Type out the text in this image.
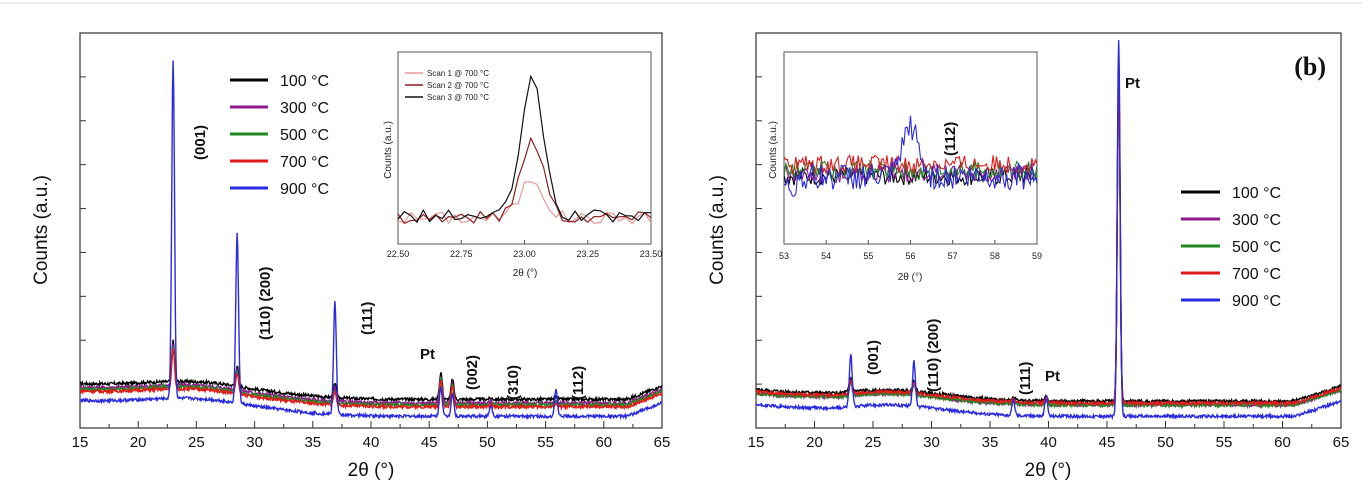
15	20	25	30	35	40	45	50	55	60	65
2θ (°)
Counts (a.u.)
100 °C
300 °C
500 °C
700 °C
900 °C
(001)
(110) (200)	(111)
Pt
(002) (310)	(112)
22.50	22.75	23.00	23.25	23.50
2θ (°)
Counts (a.u.)
Scan 1 @ 700 °C
Scan 2 @ 700 °C
Scan 3 @ 700 °C
15	20	25	30	35	40	45	50	55	60	65
2θ (°)
Counts (a.u.)
(b)
100 °C
300 °C
500 °C
700 °C
900 °C
(001)	(110) (200)	(111) Pt
Pt
53	54	55	56	57	58	59
2θ (°)
Counts (a.u.)	(112)
